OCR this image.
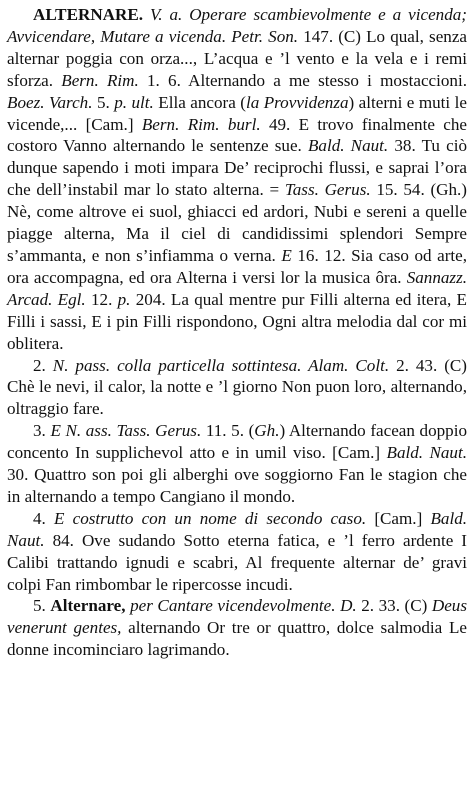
ALTERNARE. V. a. Operare scambievolmente e a vicenda; Avvicendare, Mutare a vicenda. Petr. Son. 147. (C) Lo qual, senza alternar poggia con orza..., L’acqua e ’l vento e la vela e i remi sforza. Bern. Rim. 1. 6. Alternando a me stesso i mostaccioni. Boez. Varch. 5. p. ult. Ella ancora (la Provvidenza) alterni e muti le vicende,... [Cam.] Bern. Rim. burl. 49. E trovo finalmente che costoro Vanno alternando le sentenze sue. Bald. Naut. 38. Tu ciò dunque sapendo i moti impara De’ reciprochi flussi, e saprai l’ora che dell’instabil mar lo stato alterna. = Tass. Gerus. 15. 54. (Gh.) Nè, come altrove ei suol, ghiacci ed ardori, Nubi e sereni a quelle piagge alterna, Ma il ciel di candidissimi splendori Sempre s’ammanta, e non s’infiamma o verna. E 16. 12. Sia caso od arte, ora accompagna, ed ora Alterna i versi lor la musica ôra. Sannazz. Arcad. Egl. 12. p. 204. La qual mentre pur Filli alterna ed itera, E Filli i sassi, E i pin Filli rispondono, Ogni altra melodia dal cor mi oblitera.

2. N. pass. colla particella sottintesa. Alam. Colt. 2. 43. (C) Chè le nevi, il calor, la notte e ’l giorno Non puon loro, alternando, oltraggio fare.

3. E N. ass. Tass. Gerus. 11. 5. (Gh.) Alternando facean doppio concento In supplichevol atto e in umil viso. [Cam.] Bald. Naut. 30. Quattro son poi gli alberghi ove soggiorno Fan le stagion che in alternando a tempo Cangiano il mondo.

4. E costrutto con un nome di secondo caso. [Cam.] Bald. Naut. 84. Ove sudando Sotto eterna fatica, e ’l ferro ardente I Calibi trattando ignudi e scabri, Al frequente alternar de’ gravi colpi Fan rimbombar le ripercosse incudi.

5. Alternare, per Cantare vicendevolmente. D. 2. 33. (C) Deus venerunt gentes, alternando Or tre or quattro, dolce salmodia Le donne incominciaro lagrimando.
